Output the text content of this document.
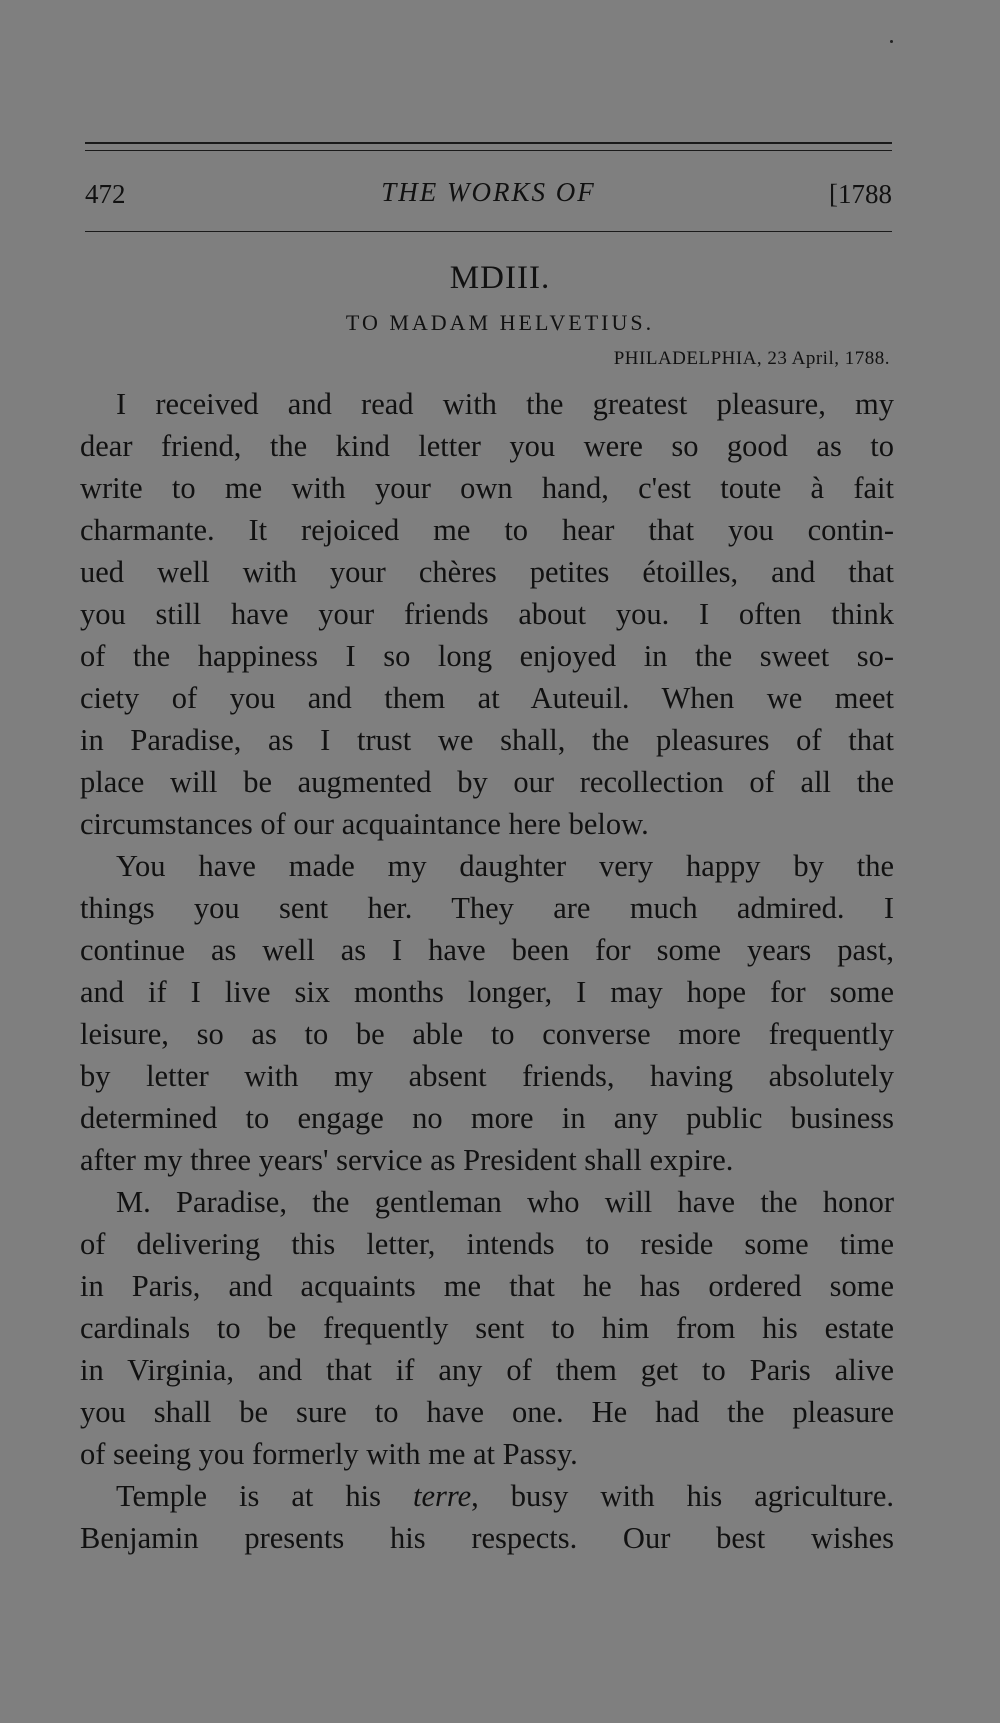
472	THE WORKS OF	[1788
MDIII.
TO MADAM HELVETIUS.
PHILADELPHIA, 23 April, 1788.
I received and read with the greatest pleasure, my
dear friend, the kind letter you were so good as to
write to me with your own hand, c'est toute à fait
charmante. It rejoiced me to hear that you contin-
ued well with your chères petites étoilles, and that
you still have your friends about you. I often think
of the happiness I so long enjoyed in the sweet so-
ciety of you and them at Auteuil. When we meet
in Paradise, as I trust we shall, the pleasures of that
place will be augmented by our recollection of all the
circumstances of our acquaintance here below.
You have made my daughter very happy by the
things you sent her. They are much admired. I
continue as well as I have been for some years past,
and if I live six months longer, I may hope for some
leisure, so as to be able to converse more frequently
by letter with my absent friends, having absolutely
determined to engage no more in any public business
after my three years' service as President shall expire.
M. Paradise, the gentleman who will have the honor
of delivering this letter, intends to reside some time
in Paris, and acquaints me that he has ordered some
cardinals to be frequently sent to him from his estate
in Virginia, and that if any of them get to Paris alive
you shall be sure to have one. He had the pleasure
of seeing you formerly with me at Passy.
Temple is at his terre, busy with his agriculture.
Benjamin presents his respects. Our best wishes
